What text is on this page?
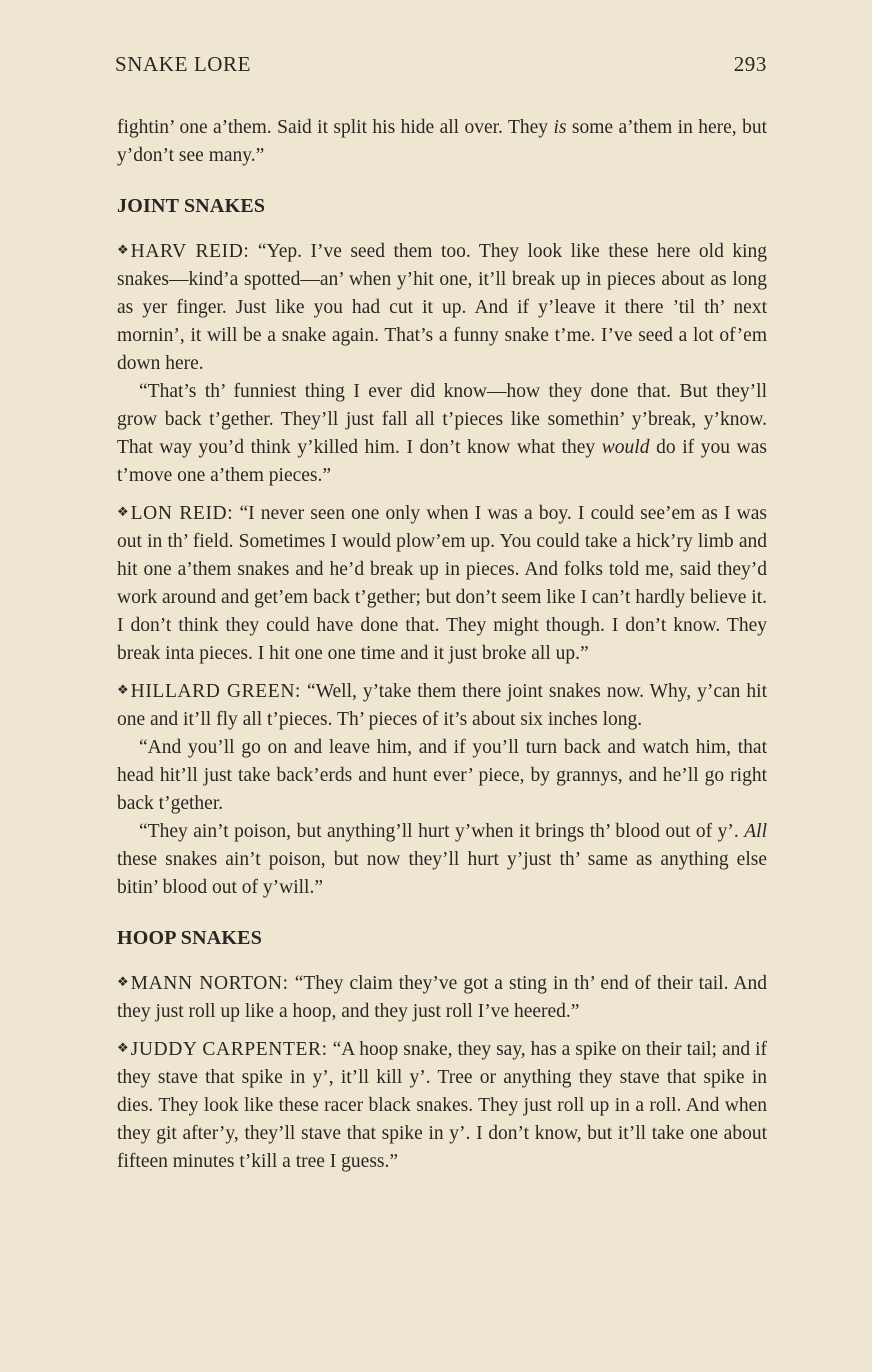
SNAKE LORE	293

fightin’ one a’them. Said it split his hide all over. They is some a’them in here, but y’don’t see many.”

JOINT SNAKES

❖ HARV REID: “Yep. I’ve seed them too. They look like these here old king snakes—kind’a spotted—an’ when y’hit one, it’ll break up in pieces about as long as yer finger. Just like you had cut it up. And if y’leave it there ’til th’ next mornin’, it will be a snake again. That’s a funny snake t’me. I’ve seed a lot of’em down here.

“That’s th’ funniest thing I ever did know—how they done that. But they’ll grow back t’gether. They’ll just fall all t’pieces like somethin’ y’break, y’know. That way you’d think y’killed him. I don’t know what they would do if you was t’move one a’them pieces.”

❖ LON REID: “I never seen one only when I was a boy. I could see’em as I was out in th’ field. Sometimes I would plow’em up. You could take a hick’ry limb and hit one a’them snakes and he’d break up in pieces. And folks told me, said they’d work around and get’em back t’gether; but don’t seem like I can’t hardly believe it. I don’t think they could have done that. They might though. I don’t know. They break inta pieces. I hit one one time and it just broke all up.”

❖ HILLARD GREEN: “Well, y’take them there joint snakes now. Why, y’can hit one and it’ll fly all t’pieces. Th’ pieces of it’s about six inches long.

“And you’ll go on and leave him, and if you’ll turn back and watch him, that head hit’ll just take back’erds and hunt ever’ piece, by grannys, and he’ll go right back t’gether.

“They ain’t poison, but anything’ll hurt y’when it brings th’ blood out of y’. All these snakes ain’t poison, but now they’ll hurt y’just th’ same as anything else bitin’ blood out of y’will.”

HOOP SNAKES

❖ MANN NORTON: “They claim they’ve got a sting in th’ end of their tail. And they just roll up like a hoop, and they just roll I’ve heered.”

❖ JUDDY CARPENTER: “A hoop snake, they say, has a spike on their tail; and if they stave that spike in y’, it’ll kill y’. Tree or anything they stave that spike in dies. They look like these racer black snakes. They just roll up in a roll. And when they git after’y, they’ll stave that spike in y’. I don’t know, but it’ll take one about fifteen minutes t’kill a tree I guess.”
